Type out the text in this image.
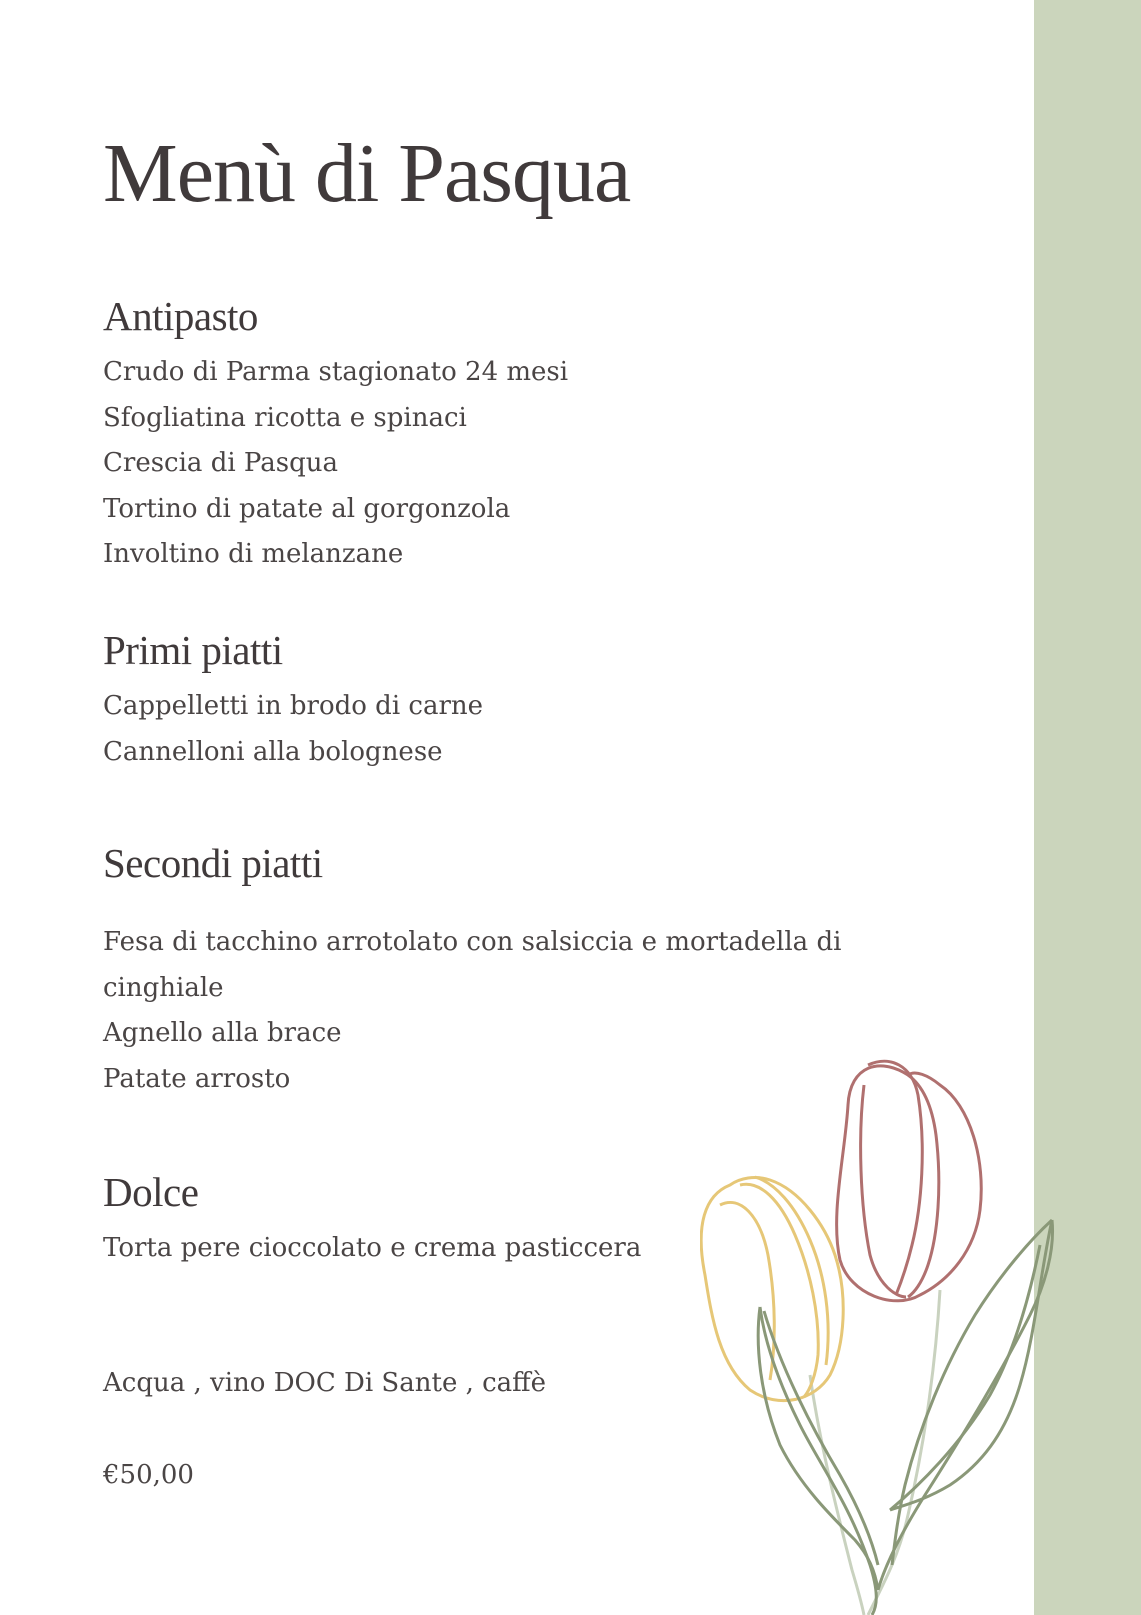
Menù di Pasqua
Antipasto
Crudo di Parma stagionato 24 mesi
Sfogliatina ricotta e spinaci
Crescia di Pasqua
Tortino di patate al gorgonzola
Involtino di melanzane
Primi piatti
Cappelletti in brodo di carne
Cannelloni alla bolognese
Secondi piatti
Fesa di tacchino arrotolato con salsiccia e mortadella di cinghiale
Agnello alla brace
Patate arrosto
Dolce
Torta pere cioccolato e crema pasticcera

Acqua , vino DOC Di Sante , caffè

€50,00
